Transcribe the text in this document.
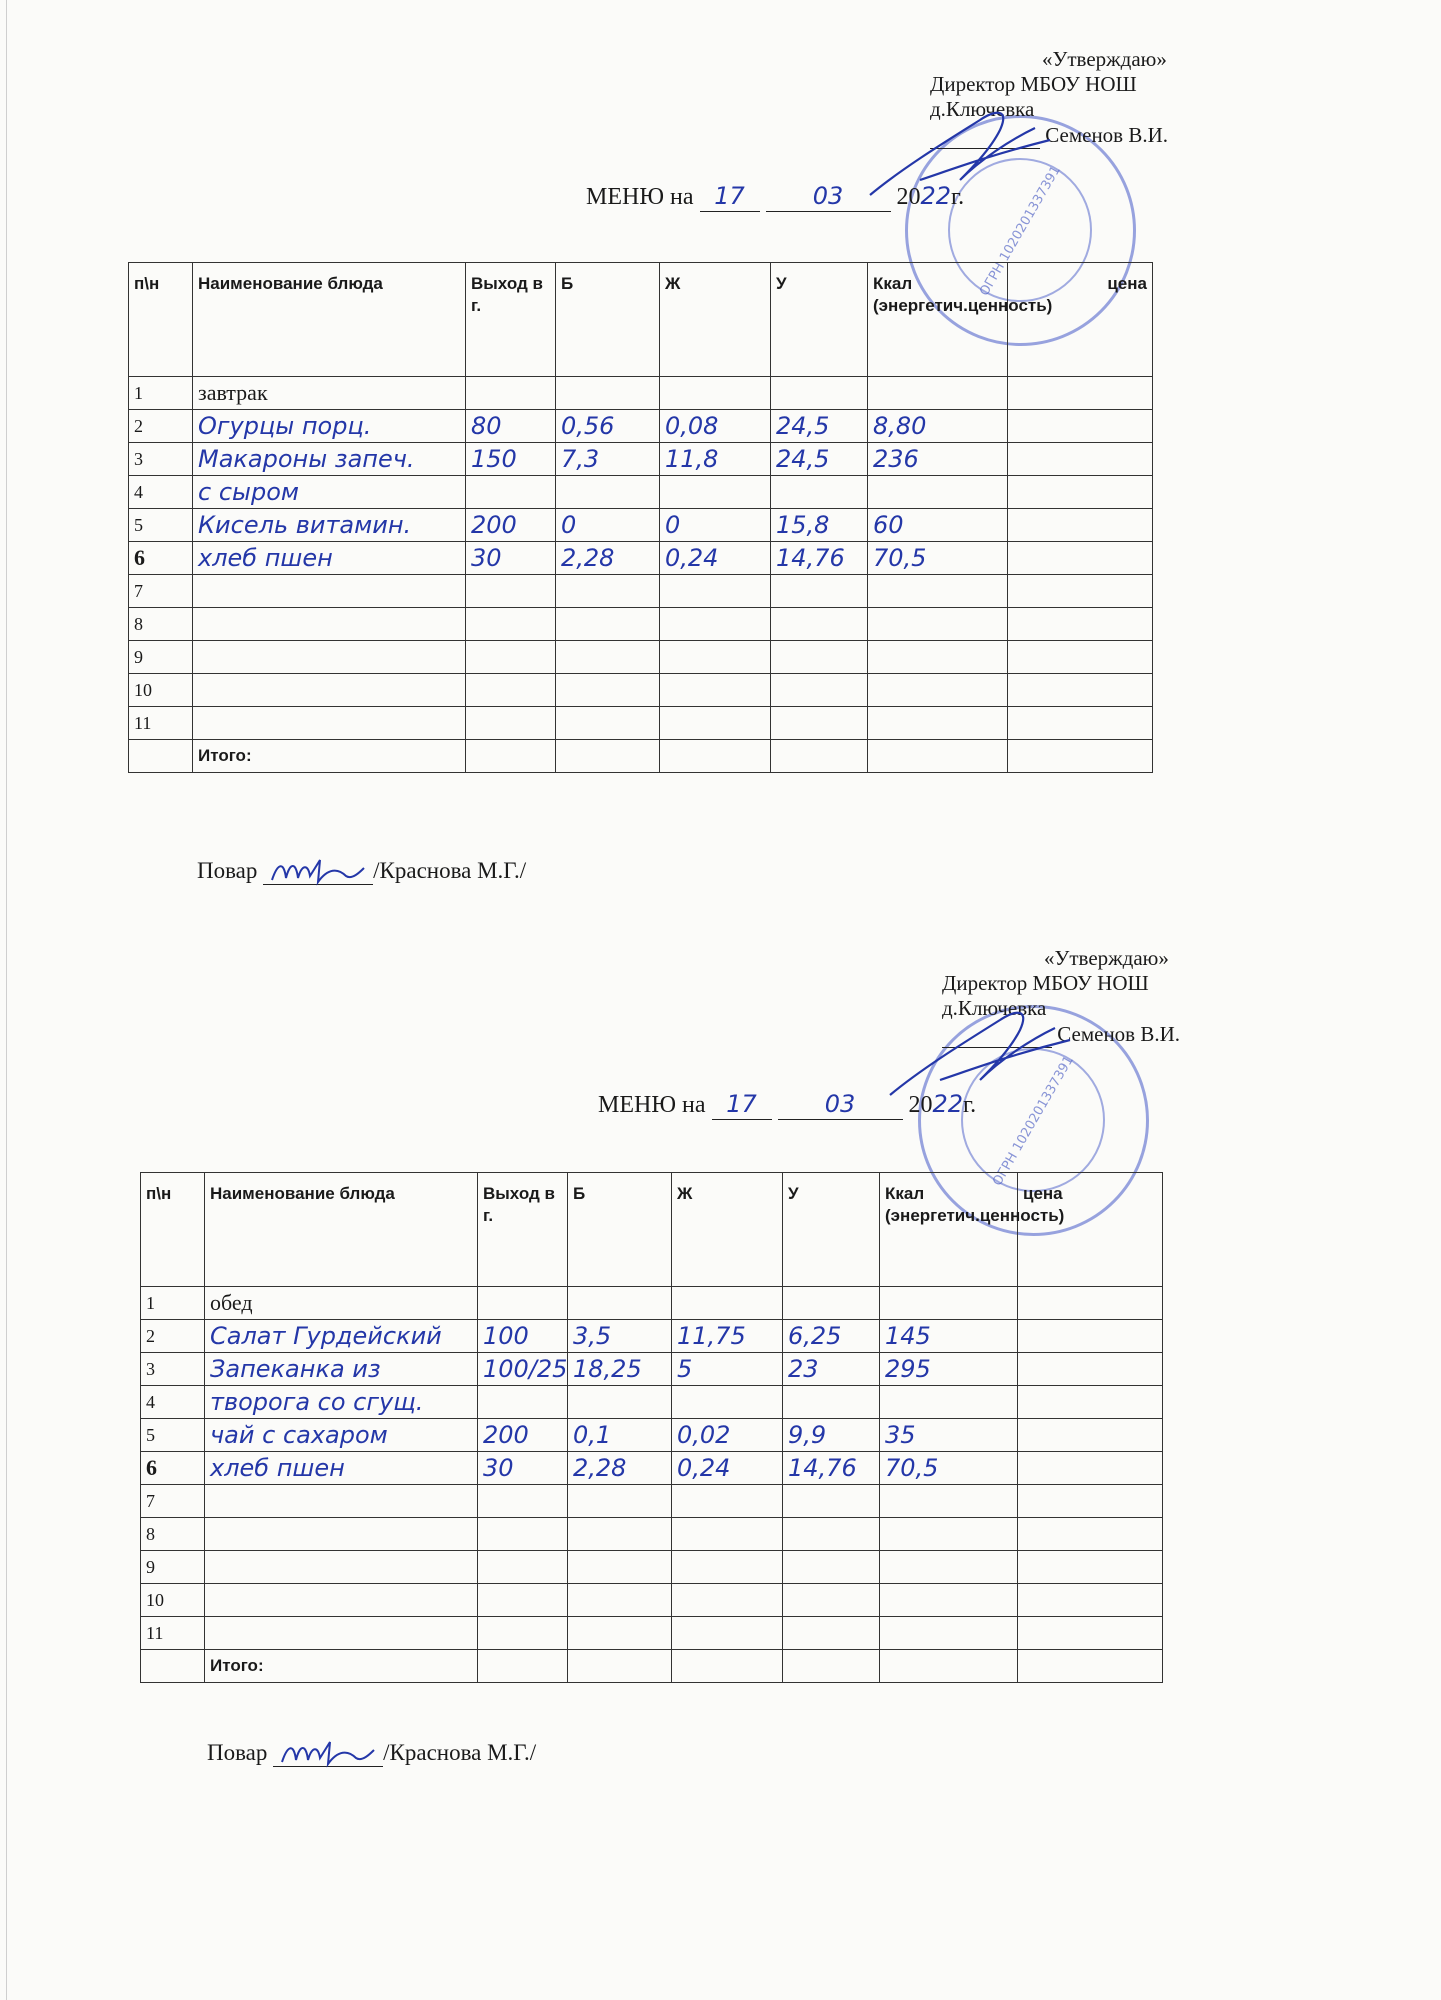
ОГРН 1020201337391
«Утверждаю»
Директор МБОУ НОШ
д.Ключевка
Семенов В.И.
МЕНЮ на 17	03 2022г.
п\н	Наименование блюда	Выход в г.	Б	Ж	У	Ккал (энергетич.ценность)	цена
1	завтрак						
2	Огурцы порц.	80	0,56	0,08	24,5	8,80	
3	Макароны запеч.	150	7,3	11,8	24,5	236	
4	с сыром						
5	Кисель витамин.	200	0	0	15,8	60	
6	хлеб пшен	30	2,28	0,24	14,76	70,5	
7							
8							
9							
10							
11							
	Итого:						
Повар	/Краснова М.Г./
ОГРН 1020201337391
«Утверждаю»
Директор МБОУ НОШ
д.Ключевка
Семенов В.И.
МЕНЮ на 17	03 2022г.
п\н	Наименование блюда	Выход в г.	Б	Ж	У	Ккал (энергетич.ценность)	цена
1	обед						
2	Салат Гурдейский	100	3,5	11,75	6,25	145	
3	Запеканка из	100/25	18,25	5	23	295	
4	творога со сгущ.						
5	чай с сахаром	200	0,1	0,02	9,9	35	
6	хлеб пшен	30	2,28	0,24	14,76	70,5	
7							
8							
9							
10							
11							
	Итого:						
Повар	/Краснова М.Г./
